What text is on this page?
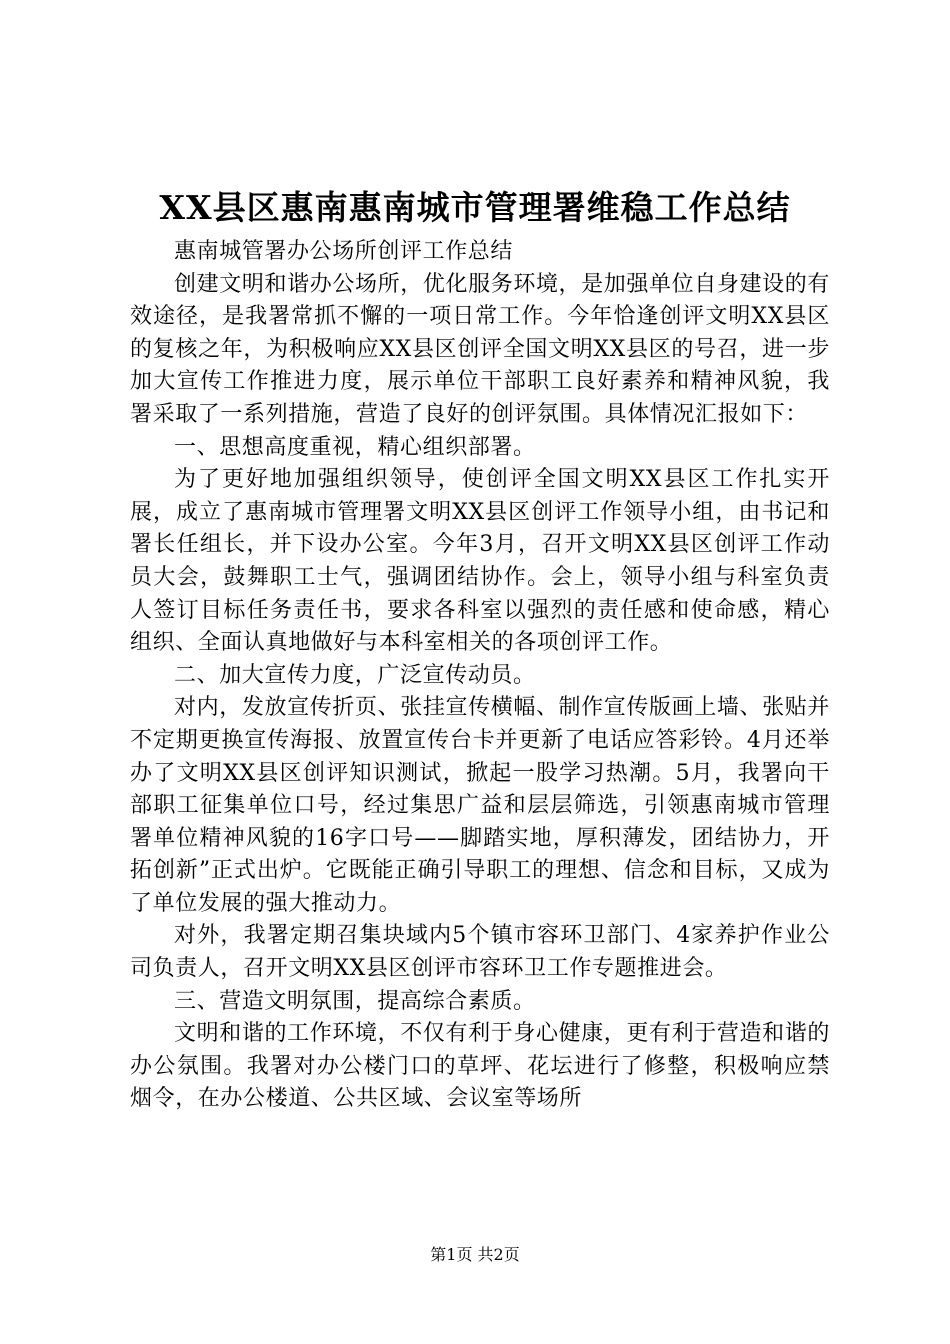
XX县区惠南惠南城市管理署维稳工作总结

惠南城管署办公场所创评工作总结

创建文明和谐办公场所，优化服务环境，是加强单位自身建设的有效途径，是我署常抓不懈的一项日常工作。今年恰逢创评文明XX县区的复核之年，为积极响应XX县区创评全国文明XX县区的号召，进一步加大宣传工作推进力度，展示单位干部职工良好素养和精神风貌，我署采取了一系列措施，营造了良好的创评氛围。具体情况汇报如下：

一、思想高度重视，精心组织部署。

为了更好地加强组织领导，使创评全国文明XX县区工作扎实开展，成立了惠南城市管理署文明XX县区创评工作领导小组，由书记和署长任组长，并下设办公室。今年3月，召开文明XX县区创评工作动员大会，鼓舞职工士气，强调团结协作。会上，领导小组与科室负责人签订目标任务责任书，要求各科室以强烈的责任感和使命感，精心组织、全面认真地做好与本科室相关的各项创评工作。

二、加大宣传力度，广泛宣传动员。

对内，发放宣传折页、张挂宣传横幅、制作宣传版画上墙、张贴并不定期更换宣传海报、放置宣传台卡并更新了电话应答彩铃。4月还举办了文明XX县区创评知识测试，掀起一股学习热潮。5月，我署向干部职工征集单位口号，经过集思广益和层层筛选，引领惠南城市管理署单位精神风貌的16字口号——脚踏实地，厚积薄发，团结协力，开拓创新”正式出炉。它既能正确引导职工的理想、信念和目标，又成为了单位发展的强大推动力。

对外，我署定期召集块域内5个镇市容环卫部门、4家养护作业公司负责人，召开文明XX县区创评市容环卫工作专题推进会。

三、营造文明氛围，提高综合素质。

文明和谐的工作环境，不仅有利于身心健康，更有利于营造和谐的办公氛围。我署对办公楼门口的草坪、花坛进行了修整，积极响应禁烟令，在办公楼道、公共区域、会议室等场所

第1页 共2页
